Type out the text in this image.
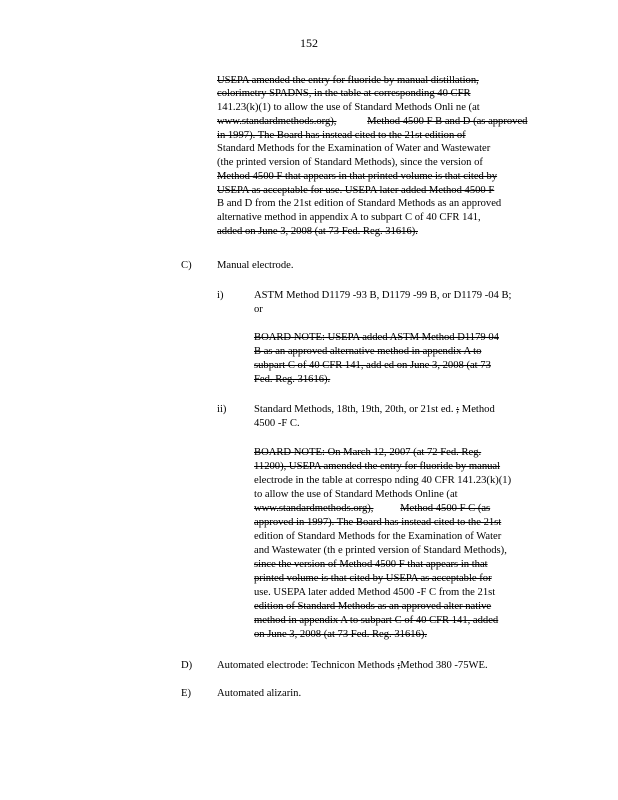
152
USEPA amended the entry for fluoride by manual distillation,
colorimetry SPADNS, in the table at corresponding 40 CFR
141.23(k)(1) to allow the use of Standard Methods Onli ne (at
www.standardmethods.org),	Method 4500 F B and D (as approved
in 1997). The Board has instead cited to the 21st edition of
Standard Methods for the Examination of Water and Wastewater
(the printed version of Standard Methods), since the version of
Method 4500 F that appears in that printed volume is that cited by
USEPA as acceptable for use. USEPA later added Method 4500 F
B and D from the 21st edition of Standard Methods as an approved
alternative method in appendix A to subpart C of 40 CFR 141,
added on June 3, 2008 (at 73 Fed. Reg. 31616).
C) Manual electrode.
i)	ASTM Method D1179 -93 B, D1179 -99 B, or D1179 -04 B;
or
BOARD NOTE: USEPA added ASTM Method D1179 04
B as an approved alternative method in appendix A to
subpart C of 40 CFR 141, add ed on June 3, 2008 (at 73
Fed. Reg. 31616).
ii)	Standard Methods, 18th, 19th, 20th, or 21st ed. ; Method
4500 -F C.
BOARD NOTE: On March 12, 2007 (at 72 Fed. Reg.
11200), USEPA amended the entry for fluoride by manual
electrode in the table at correspo nding 40 CFR 141.23(k)(1)
to allow the use of Standard Methods Online (at
www.standardmethods.org),	Method 4500 F C (as
approved in 1997). The Board has instead cited to the 21st
edition of Standard Methods for the Examination of Water
and Wastewater (th e printed version of Standard Methods),
since the version of Method 4500 F that appears in that
printed volume is that cited by USEPA as acceptable for
use. USEPA later added Method 4500 -F C from the 21st
edition of Standard Methods as an approved alter native
method in appendix A to subpart C of 40 CFR 141, added
on June 3, 2008 (at 73 Fed. Reg. 31616).
D) Automated electrode: Technicon Methods ;Method 380 -75WE.
E) Automated alizarin.
